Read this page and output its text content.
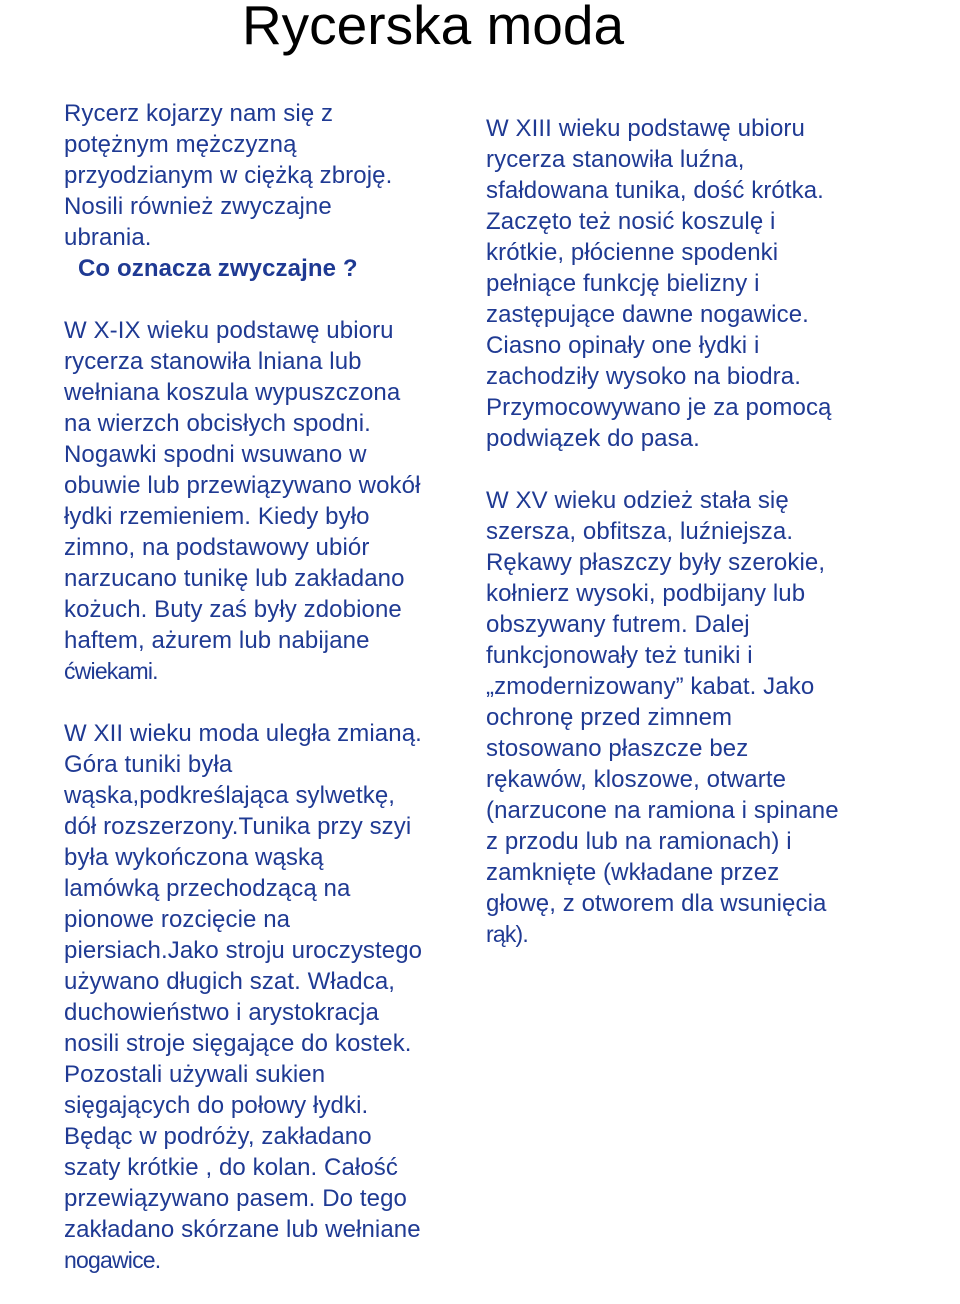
Rycerska moda
Rycerz kojarzy nam się z
potężnym mężczyzną
przyodzianym w ciężką zbroję.
Nosili również zwyczajne
ubrania.
Co oznacza zwyczajne ?
W X-IX wieku podstawę ubioru
rycerza stanowiła lniana lub
wełniana koszula wypuszczona
na wierzch obcisłych spodni.
Nogawki spodni wsuwano w
obuwie lub przewiązywano wokół
łydki rzemieniem. Kiedy było
zimno, na podstawowy ubiór
narzucano tunikę lub zakładano
kożuch. Buty zaś były zdobione
haftem, ażurem lub nabijane
ćwiekami.
W XII wieku moda uległa zmianą.
Góra tuniki była
wąska,podkreślająca sylwetkę,
dół rozszerzony.Tunika przy szyi
była wykończona wąską
lamówką przechodzącą na
pionowe rozcięcie na
piersiach.Jako stroju uroczystego
używano długich szat. Władca,
duchowieństwo i arystokracja
nosili stroje sięgające do kostek.
Pozostali używali sukien
sięgających do połowy łydki.
Będąc w podróży, zakładano
szaty krótkie , do kolan. Całość
przewiązywano pasem. Do tego
zakładano skórzane lub wełniane
nogawice.
W XIII wieku podstawę ubioru
rycerza stanowiła luźna,
sfałdowana tunika, dość krótka.
Zaczęto też nosić koszulę i
krótkie, płócienne spodenki
pełniące funkcję bielizny i
zastępujące dawne nogawice.
Ciasno opinały one łydki i
zachodziły wysoko na biodra.
Przymocowywano je za pomocą
podwiązek do pasa.
W XV wieku odzież stała się
szersza, obfitsza, luźniejsza.
Rękawy płaszczy były szerokie,
kołnierz wysoki, podbijany lub
obszywany futrem. Dalej
funkcjonowały też tuniki i
„zmodernizowany” kabat. Jako
ochronę przed zimnem
stosowano płaszcze bez
rękawów, kloszowe, otwarte
(narzucone na ramiona i spinane
z przodu lub na ramionach) i
zamknięte (wkładane przez
głowę, z otworem dla wsunięcia
rąk).
